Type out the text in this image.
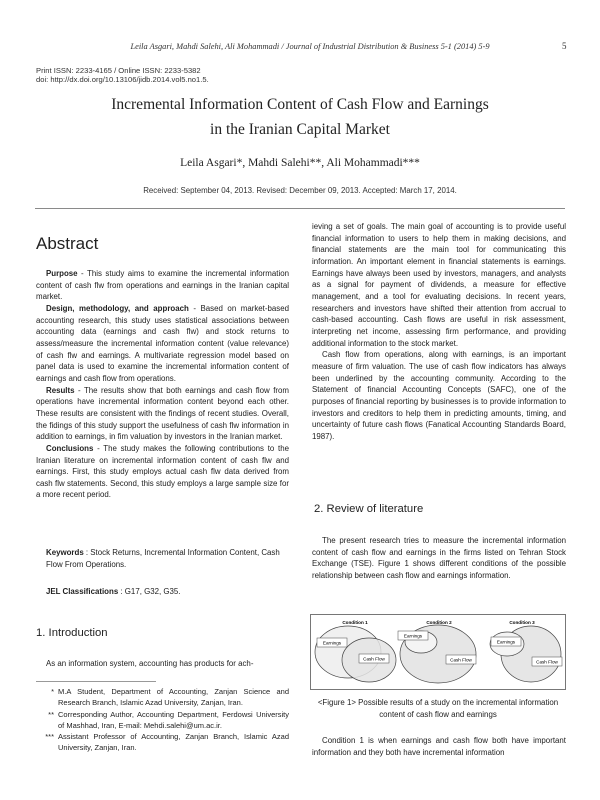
Leila Asgari, Mahdi Salehi, Ali Mohammadi / Journal of Industrial Distribution & Business 5-1 (2014) 5-9	5
Print ISSN: 2233-4165 / Online ISSN: 2233-5382
doi: http://dx.doi.org/10.13106/jidb.2014.vol5.no1.5.
Incremental Information Content of Cash Flow and Earnings
in the Iranian Capital Market
Leila Asgari*, Mahdi Salehi**, Ali Mohammadi***
Received: September 04, 2013. Revised: December 09, 2013. Accepted: March 17, 2014.
Abstract

Purpose - This study aims to examine the incremental information content of cash flw from operations and earnings in the Iranian capital market.

Design, methodology, and approach - Based on market-based accounting research, this study uses statistical associations between accounting data (earnings and cash flw) and stock returns to assess/measure the incremental information content (value relevance) of cash flw and earnings. A multivariate regression model based on panel data is used to examine the incremental information content of earnings and cash flow from operations.

Results - The results show that both earnings and cash flow from operations have incremental information content beyond each other. These results are consistent with the findings of recent studies. Overall, the fidings of this study support the usefulness of cash flw information in addition to earnings, in fim valuation by investors in the Iranian market.

Conclusions - The study makes the following contributions to the Iranian literature on incremental information content of cash flw and earnings. First, this study employs actual cash flw data derived from cash flw statements. Second, this study employs a large sample size for a more recent period.

Keywords : Stock Returns, Incremental Information Content, Cash Flow From Operations.
JEL Classifications : G17, G32, G35.
1. Introduction
As an information system, accounting has products for ach-
* M.A Student, Department of Accounting, Zanjan Science and Research Branch, Islamic Azad University, Zanjan, Iran.
** Corresponding Author, Accounting Department, Ferdowsi University of Mashhad, Iran, E-mail: Mehdi.salehi@um.ac.ir.
*** Assistant Professor of Accounting, Zanjan Branch, Islamic Azad University, Zanjan, Iran.

ieving a set of goals. The main goal of accounting is to provide useful financial information to users to help them in making decisions, and financial statements are the main tool for communicating this information. An important element in financial statements is earnings. Earnings have always been used by investors, managers, and analysts as a signal for payment of dividends, a measure for effective management, and a tool for evaluating decisions. In recent years, researchers and investors have shifted their attention from accrual to cash-based accounting. Cash flows are useful in risk assessment, interpreting net income, assessing firm performance, and providing additional information to the stock market.

Cash flow from operations, along with earnings, is an important measure of firm valuation. The use of cash flow indicators has always been underlined by the accounting community. According to the Statement of financial Accounting Concepts (SAFC), one of the purposes of financial reporting by businesses is to provide information to investors and creditors to help them in predicting amounts, timing, and uncertainty of future cash flows (Fanatical Accounting Standards Board, 1987).

2. Review of literature
The present research tries to measure the incremental information content of cash flow and earnings in the firms listed on Tehran Stock Exchange (TSE). Figure 1 shows different conditions of the possible relationship between cash flow and earnings information.
Condition 1
Earnings
Cash Flow
Condition 2
Earnings
Cash Flow
Condition 3
Earnings
Cash Flow
<Figure 1> Possible results of a study on the incremental information
content of cash flow and earnings
Condition 1 is when earnings and cash flow both have important information and they both have incremental information
